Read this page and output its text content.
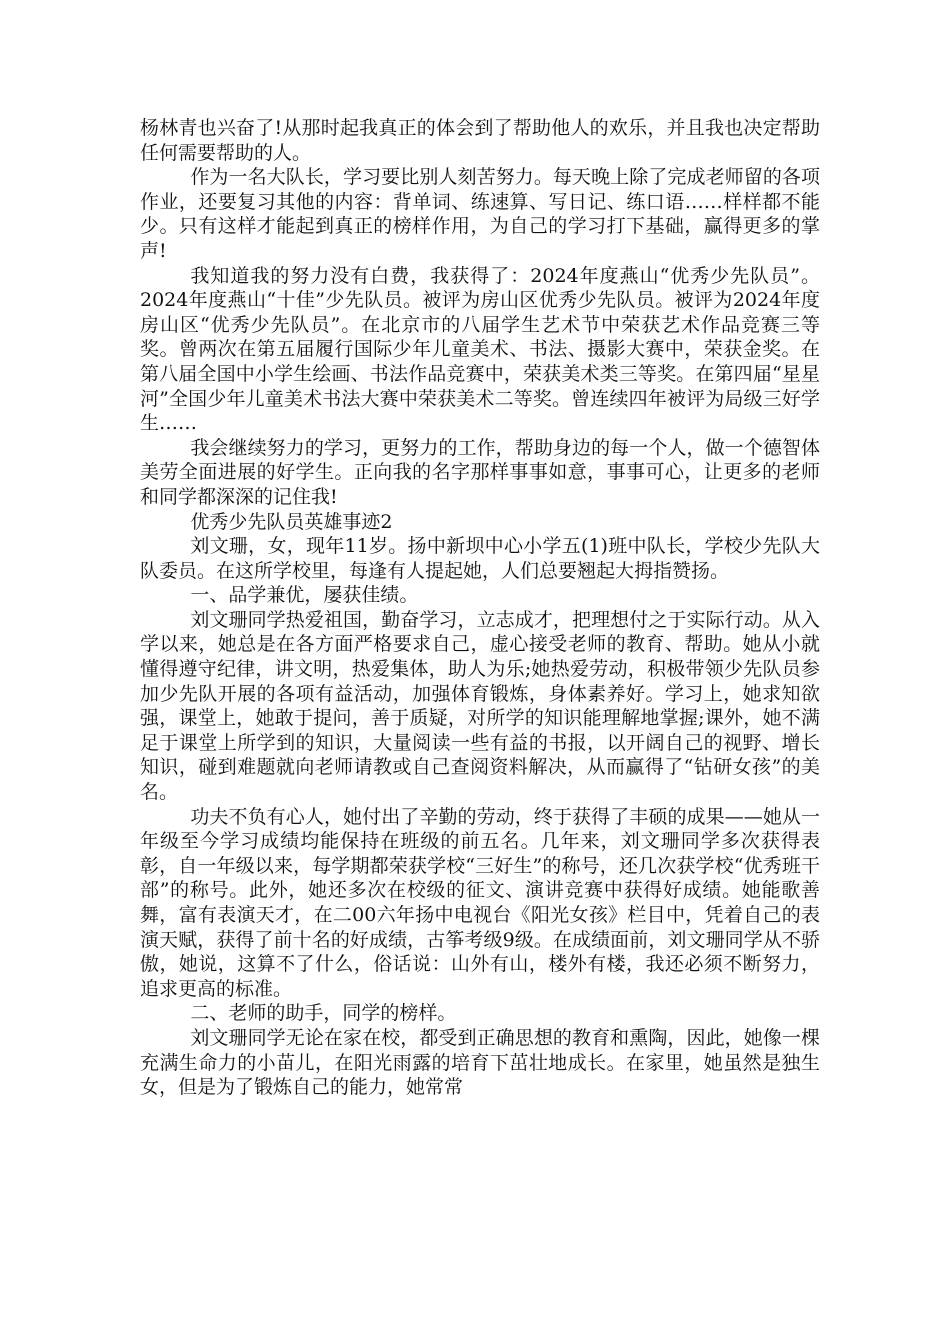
杨林青也兴奋了!从那时起我真正的体会到了帮助他人的欢乐，并且我也决定帮助任何需要帮助的人。

作为一名大队长，学习要比别人刻苦努力。每天晚上除了完成老师留的各项作业，还要复习其他的内容：背单词、练速算、写日记、练口语……样样都不能少。只有这样才能起到真正的榜样作用，为自己的学习打下基础，赢得更多的掌声!

我知道我的努力没有白费，我获得了：2024年度燕山“优秀少先队员”。2024年度燕山“十佳”少先队员。被评为房山区优秀少先队员。被评为2024年度房山区“优秀少先队员”。在北京市的八届学生艺术节中荣获艺术作品竞赛三等奖。曾两次在第五届履行国际少年儿童美术、书法、摄影大赛中，荣获金奖。在第八届全国中小学生绘画、书法作品竞赛中，荣获美术类三等奖。在第四届“星星河”全国少年儿童美术书法大赛中荣获美术二等奖。曾连续四年被评为局级三好学生……

我会继续努力的学习，更努力的工作，帮助身边的每一个人，做一个德智体美劳全面进展的好学生。正向我的名字那样事事如意，事事可心，让更多的老师和同学都深深的记住我!

优秀少先队员英雄事迹2

刘文珊，女，现年11岁。扬中新坝中心小学五(1)班中队长，学校少先队大队委员。在这所学校里，每逢有人提起她，人们总要翘起大拇指赞扬。

一、品学兼优，屡获佳绩。

刘文珊同学热爱祖国，勤奋学习，立志成才，把理想付之于实际行动。从入学以来，她总是在各方面严格要求自己，虚心接受老师的教育、帮助。她从小就懂得遵守纪律，讲文明，热爱集体，助人为乐;她热爱劳动，积极带领少先队员参加少先队开展的各项有益活动，加强体育锻炼，身体素养好。学习上，她求知欲强，课堂上，她敢于提问，善于质疑，对所学的知识能理解地掌握;课外，她不满足于课堂上所学到的知识，大量阅读一些有益的书报，以开阔自己的视野、增长知识，碰到难题就向老师请教或自己查阅资料解决，从而赢得了“钻研女孩”的美名。

功夫不负有心人，她付出了辛勤的劳动，终于获得了丰硕的成果——她从一年级至今学习成绩均能保持在班级的前五名。几年来，刘文珊同学多次获得表彰，自一年级以来，每学期都荣获学校“三好生”的称号，还几次获学校“优秀班干部”的称号。此外，她还多次在校级的征文、演讲竞赛中获得好成绩。她能歌善舞，富有表演天才，在二00六年扬中电视台《阳光女孩》栏目中，凭着自己的表演天赋，获得了前十名的好成绩，古筝考级9级。在成绩面前，刘文珊同学从不骄傲，她说，这算不了什么，俗话说：山外有山，楼外有楼，我还必须不断努力，追求更高的标准。

二、老师的助手，同学的榜样。

刘文珊同学无论在家在校，都受到正确思想的教育和熏陶，因此，她像一棵充满生命力的小苗儿，在阳光雨露的培育下茁壮地成长。在家里，她虽然是独生女，但是为了锻炼自己的能力，她常常
